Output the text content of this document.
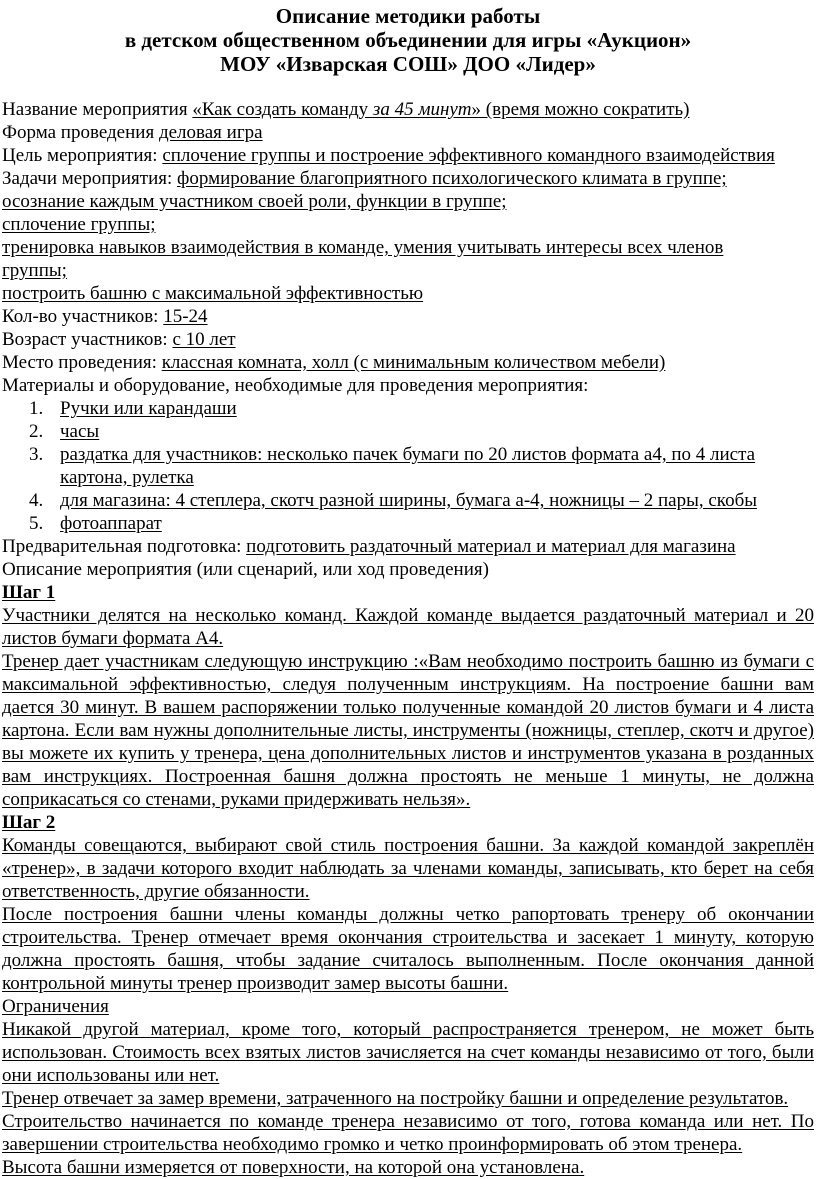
Описание методики работы
в детском общественном объединении для игры «Аукцион»
МОУ «Изварская СОШ» ДОО «Лидер»
Название мероприятия «Как создать команду за 45 минут» (время можно сократить)
Форма проведения деловая игра
Цель мероприятия: сплочение группы и построение эффективного командного взаимодействия
Задачи мероприятия: формирование благоприятного психологического климата в группе;
осознание каждым участником своей роли, функции в группе;
сплочение группы;
тренировка навыков взаимодействия в команде, умения учитывать интересы всех членов
группы;
построить башню с максимальной эффективностью
Кол-во участников: 15-24
Возраст участников: с 10 лет
Место проведения: классная комната, холл (с минимальным количеством мебели)
Материалы и оборудование, необходимые для проведения мероприятия:
1. Ручки или карандаши
2. часы
3. раздатка для участников: несколько пачек бумаги по 20 листов формата а4, по 4 листа картона, рулетка
4. для магазина: 4 степлера, скотч разной ширины, бумага а-4, ножницы – 2 пары, скобы
5. фотоаппарат
Предварительная подготовка: подготовить раздаточный материал и материал для магазина
Описание мероприятия (или сценарий, или ход проведения)
Шаг 1
Участники делятся на несколько команд. Каждой команде выдается раздаточный материал и 20 листов бумаги формата А4.
Тренер дает участникам следующую инструкцию :«Вам необходимо построить башню из бумаги с максимальной эффективностью, следуя полученным инструкциям. На построение башни вам дается 30 минут. В вашем распоряжении только полученные командой 20 листов бумаги и 4 листа картона. Если вам нужны дополнительные листы, инструменты (ножницы, степлер, скотч и другое) вы можете их купить у тренера, цена дополнительных листов и инструментов указана в розданных вам инструкциях. Построенная башня должна простоять не меньше 1 минуты, не должна соприкасаться со стенами, руками придерживать нельзя».
Шаг 2
Команды совещаются, выбирают свой стиль построения башни. За каждой командой закреплён «тренер», в задачи которого входит наблюдать за членами команды, записывать, кто берет на себя ответственность, другие обязанности.
После построения башни члены команды должны четко рапортовать тренеру об окончании строительства. Тренер отмечает время окончания строительства и засекает 1 минуту, которую должна простоять башня, чтобы задание считалось выполненным. После окончания данной контрольной минуты тренер производит замер высоты башни.
Ограничения
Никакой другой материал, кроме того, который распространяется тренером, не может быть использован. Стоимость всех взятых листов зачисляется на счет команды независимо от того, были они использованы или нет.
Тренер отвечает за замер времени, затраченного на постройку башни и определение результатов.
Строительство начинается по команде тренера независимо от того, готова команда или нет. По завершении строительства необходимо громко и четко проинформировать об этом тренера.
Высота башни измеряется от поверхности, на которой она установлена.
